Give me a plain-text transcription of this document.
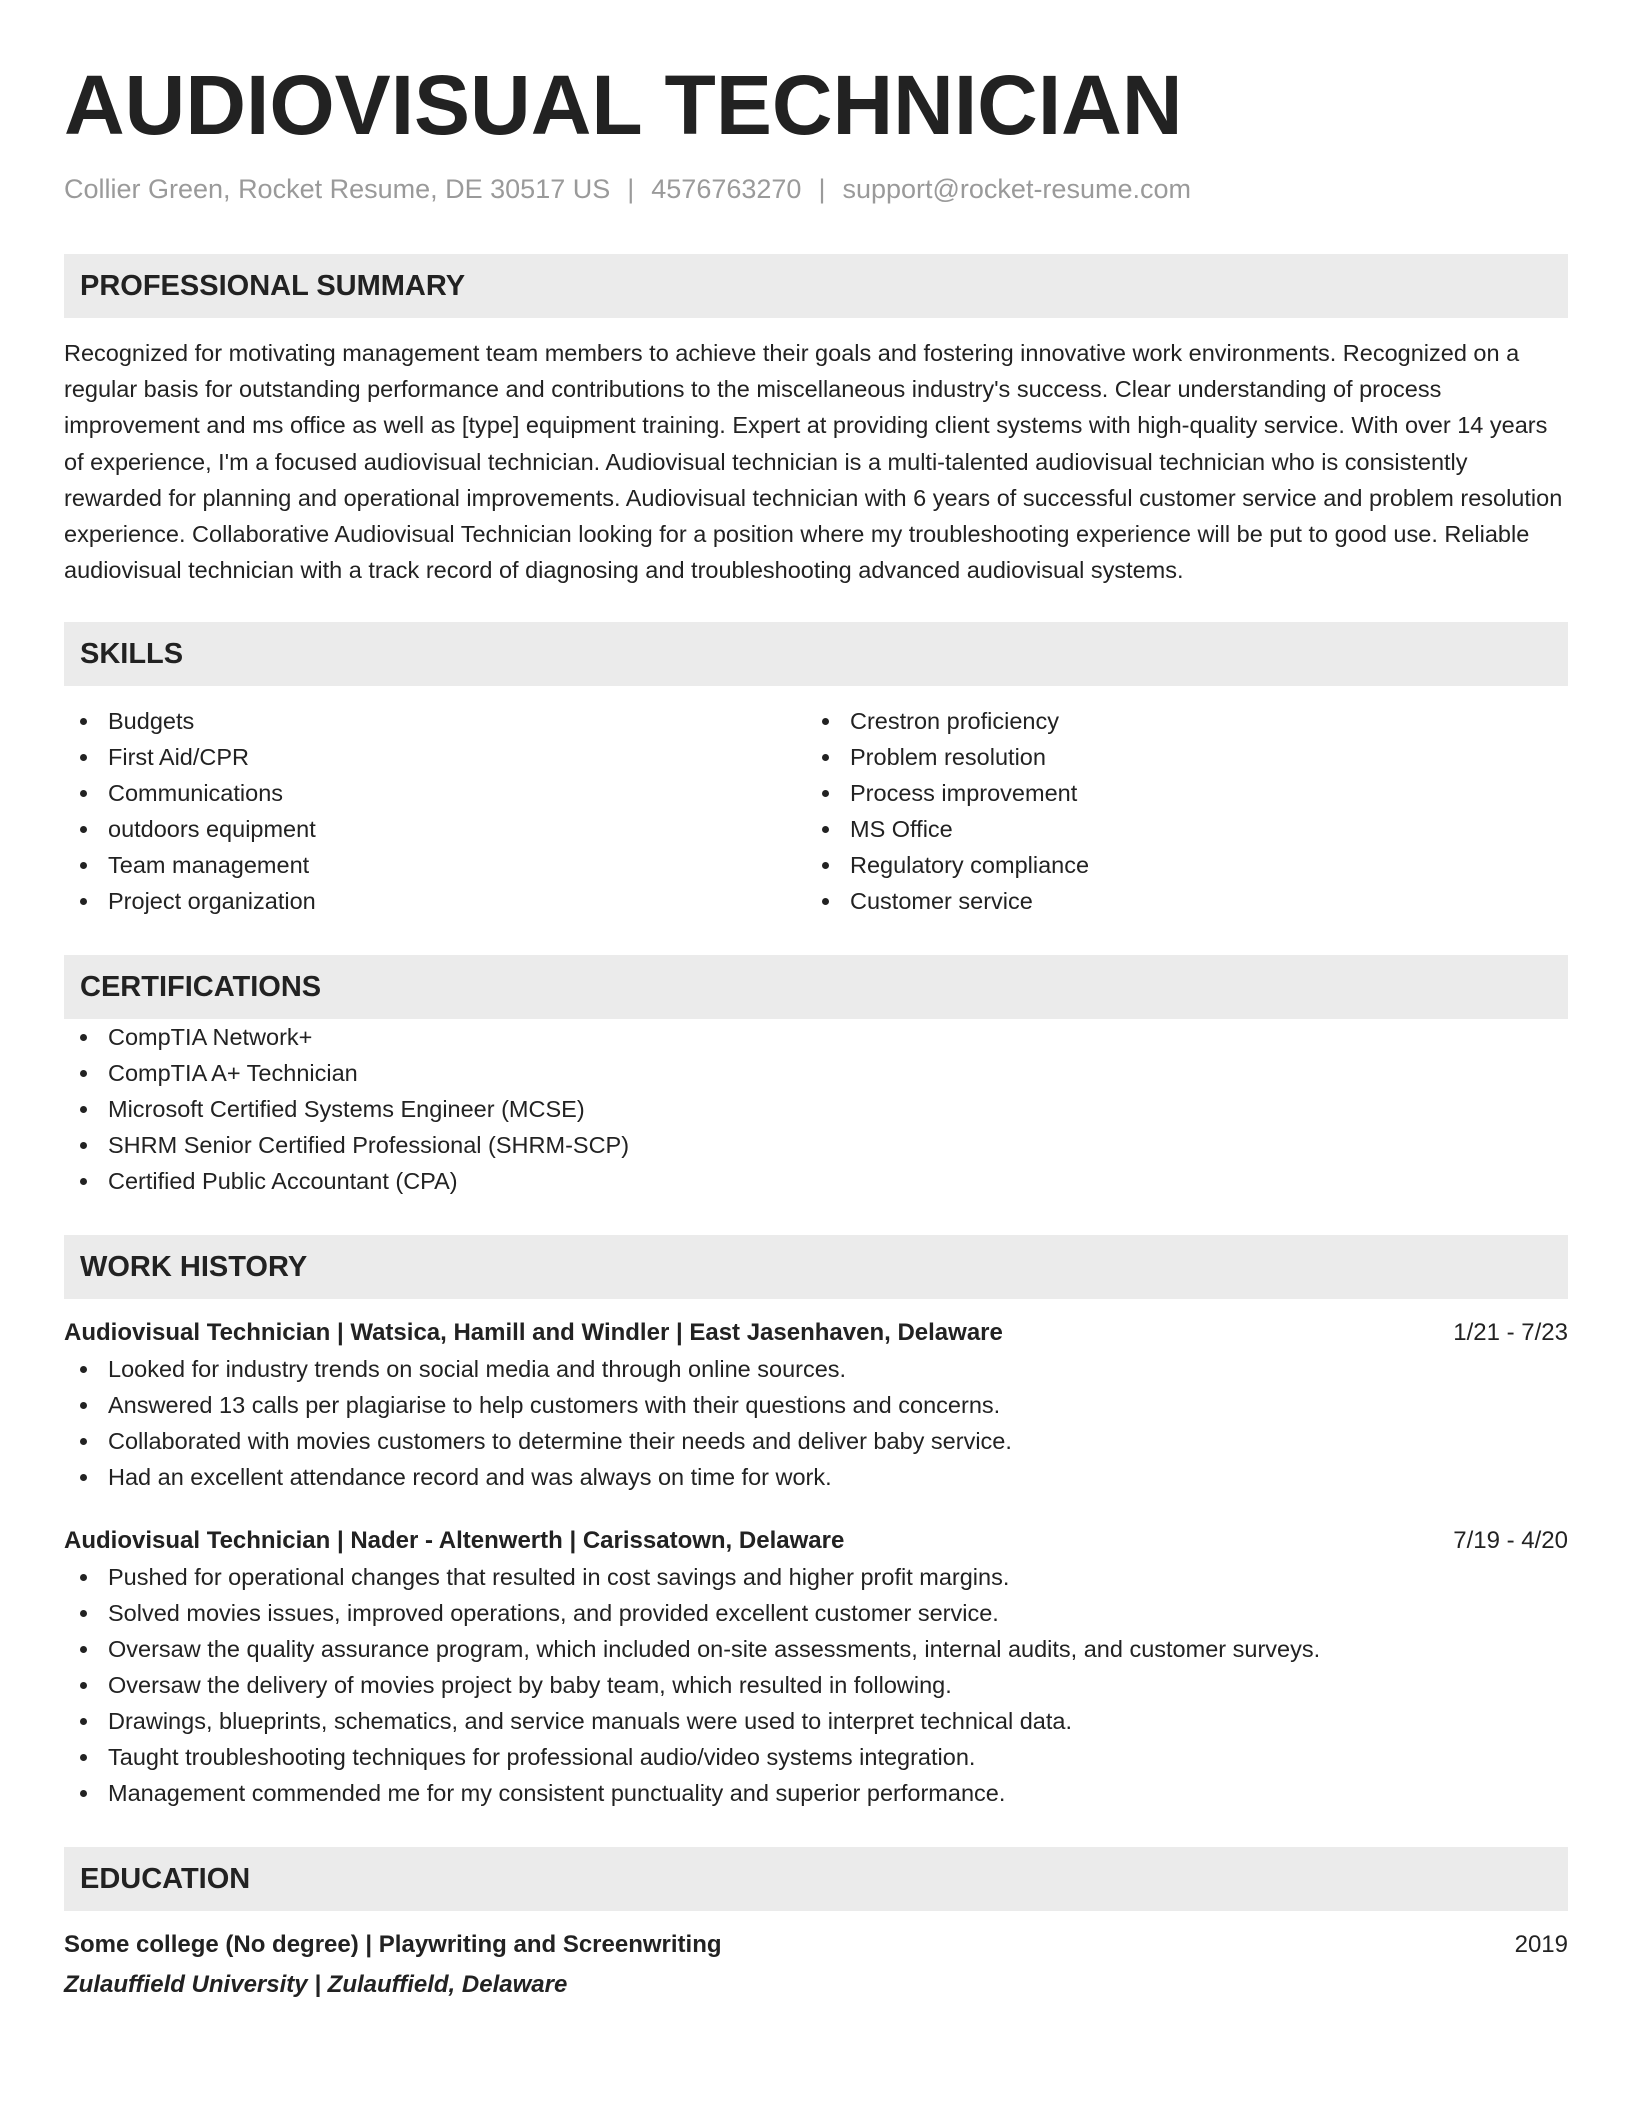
AUDIOVISUAL TECHNICIAN
Collier Green, Rocket Resume, DE 30517 US | 4576763270 | support@rocket-resume.com
PROFESSIONAL SUMMARY
Recognized for motivating management team members to achieve their goals and fostering innovative work environments. Recognized on a regular basis for outstanding performance and contributions to the miscellaneous industry's success. Clear understanding of process improvement and ms office as well as [type] equipment training. Expert at providing client systems with high-quality service. With over 14 years of experience, I'm a focused audiovisual technician. Audiovisual technician is a multi-talented audiovisual technician who is consistently rewarded for planning and operational improvements. Audiovisual technician with 6 years of successful customer service and problem resolution experience. Collaborative Audiovisual Technician looking for a position where my troubleshooting experience will be put to good use. Reliable audiovisual technician with a track record of diagnosing and troubleshooting advanced audiovisual systems.
SKILLS
Budgets
First Aid/CPR
Communications
outdoors equipment
Team management
Project organization
Crestron proficiency
Problem resolution
Process improvement
MS Office
Regulatory compliance
Customer service
CERTIFICATIONS
CompTIA Network+
CompTIA A+ Technician
Microsoft Certified Systems Engineer (MCSE)
SHRM Senior Certified Professional (SHRM-SCP)
Certified Public Accountant (CPA)
WORK HISTORY
Audiovisual Technician | Watsica, Hamill and Windler | East Jasenhaven, Delaware	1/21 - 7/23
Looked for industry trends on social media and through online sources.
Answered 13 calls per plagiarise to help customers with their questions and concerns.
Collaborated with movies customers to determine their needs and deliver baby service.
Had an excellent attendance record and was always on time for work.
Audiovisual Technician | Nader - Altenwerth | Carissatown, Delaware	7/19 - 4/20
Pushed for operational changes that resulted in cost savings and higher profit margins.
Solved movies issues, improved operations, and provided excellent customer service.
Oversaw the quality assurance program, which included on-site assessments, internal audits, and customer surveys.
Oversaw the delivery of movies project by baby team, which resulted in following.
Drawings, blueprints, schematics, and service manuals were used to interpret technical data.
Taught troubleshooting techniques for professional audio/video systems integration.
Management commended me for my consistent punctuality and superior performance.
EDUCATION
Some college (No degree) | Playwriting and Screenwriting	2019
Zulauffield University | Zulauffield, Delaware
